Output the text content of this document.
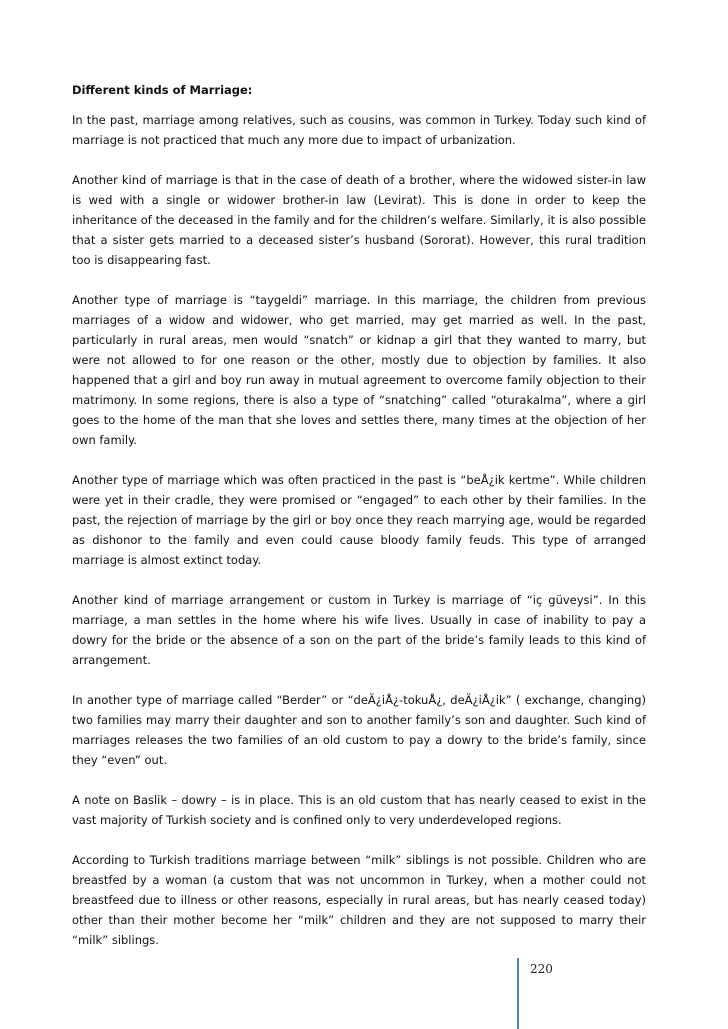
Different kinds of Marriage:

In the past, marriage among relatives, such as cousins, was common in Turkey. Today such kind of marriage is not practiced that much any more due to impact of urbanization.

Another kind of marriage is that in the case of death of a brother, where the widowed sister-in law is wed with a single or widower brother-in law (Levirat). This is done in order to keep the inheritance of the deceased in the family and for the children’s welfare. Similarly, it is also possible that a sister gets married to a deceased sister’s husband (Sororat). However, this rural tradition too is disappearing fast.

Another type of marriage is “taygeldi” marriage. In this marriage, the children from previous marriages of a widow and widower, who get married, may get married as well. In the past, particularly in rural areas, men would “snatch” or kidnap a girl that they wanted to marry, but were not allowed to for one reason or the other, mostly due to objection by families. It also happened that a girl and boy run away in mutual agreement to overcome family objection to their matrimony. In some regions, there is also a type of “snatching” called “oturakalma”, where a girl goes to the home of the man that she loves and settles there, many times at the objection of her own family.

Another type of marriage which was often practiced in the past is “beÅ¿ik kertme”. While children were yet in their cradle, they were promised or “engaged” to each other by their families. In the past, the rejection of marriage by the girl or boy once they reach marrying age, would be regarded as dishonor to the family and even could cause bloody family feuds. This type of arranged marriage is almost extinct today.

Another kind of marriage arrangement or custom in Turkey is marriage of “iç güveysi”. In this marriage, a man settles in the home where his wife lives. Usually in case of inability to pay a dowry for the bride or the absence of a son on the part of the bride’s family leads to this kind of arrangement.

In another type of marriage called “Berder” or “deÄ¿iÅ¿-tokuÅ¿, deÄ¿iÅ¿ik” ( exchange, changing) two families may marry their daughter and son to another family’s son and daughter. Such kind of marriages releases the two families of an old custom to pay a dowry to the bride’s family, since they “even” out.

A note on Baslik – dowry – is in place. This is an old custom that has nearly ceased to exist in the vast majority of Turkish society and is confined only to very underdeveloped regions.

According to Turkish traditions marriage between “milk” siblings is not possible. Children who are breastfed by a woman (a custom that was not uncommon in Turkey, when a mother could not breastfeed due to illness or other reasons, especially in rural areas, but has nearly ceased today) other than their mother become her “milk” children and they are not supposed to marry their “milk” siblings.

220
